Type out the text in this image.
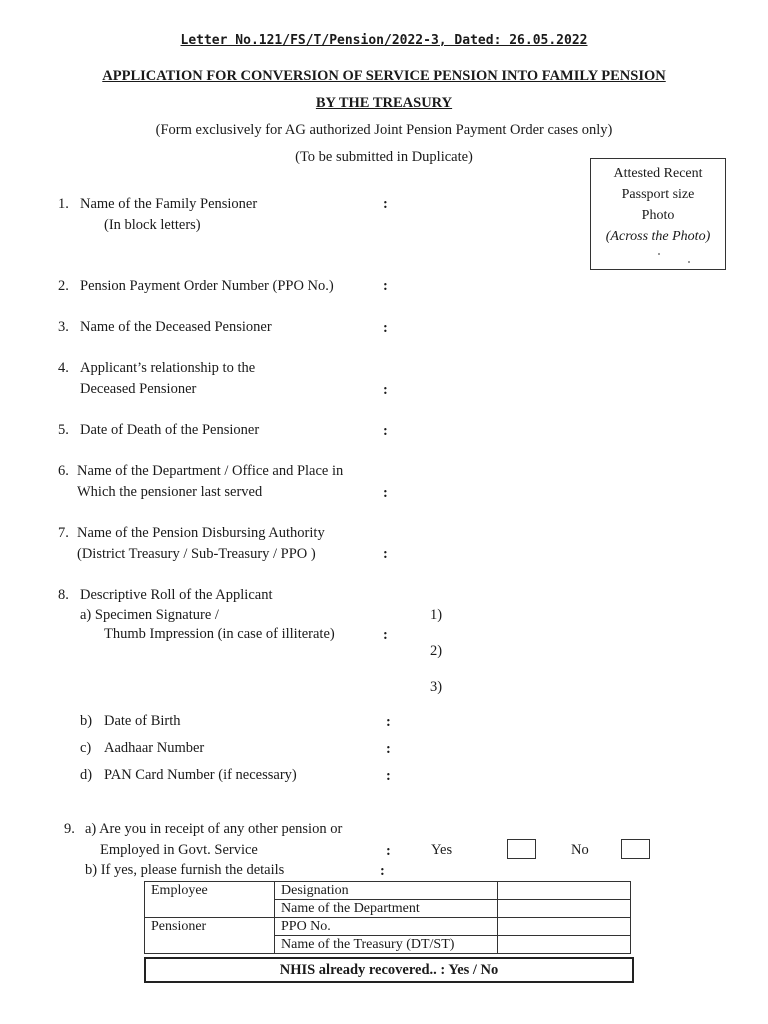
Letter No.121/FS/T/Pension/2022-3, Dated: 26.05.2022
APPLICATION FOR CONVERSION OF SERVICE PENSION INTO FAMILY PENSION
BY THE TREASURY
(Form exclusively for AG authorized Joint Pension Payment Order cases only)
(To be submitted in Duplicate)
Attested Recent
Passport size
Photo
(Across the Photo)
1. Name of the Family Pensioner
(In block letters)
:
2. Pension Payment Order Number (PPO No.)	:
3. Name of the Deceased Pensioner	:
4. Applicant’s relationship to the
Deceased Pensioner	:
5. Date of Death of the Pensioner	:
6. Name of the Department / Office and Place in
Which the pensioner last served	:
7. Name of the Pension Disbursing Authority
(District Treasury / Sub-Treasury / PPO )	:
8. Descriptive Roll of the Applicant
a) Specimen Signature /
Thumb Impression (in case of illiterate)	:
1)
2)
3)
b) Date of Birth	:
c) Aadhaar Number	:
d) PAN Card Number (if necessary)	:
9. a) Are you in receipt of any other pension or
Employed in Govt. Service	:	Yes	No
b) If yes, please furnish the details	:
Employee	Designation	
	Name of the Department	
Pensioner	PPO No.	
	Name of the Treasury (DT/ST)	
NHIS already recovered.. : Yes / No
